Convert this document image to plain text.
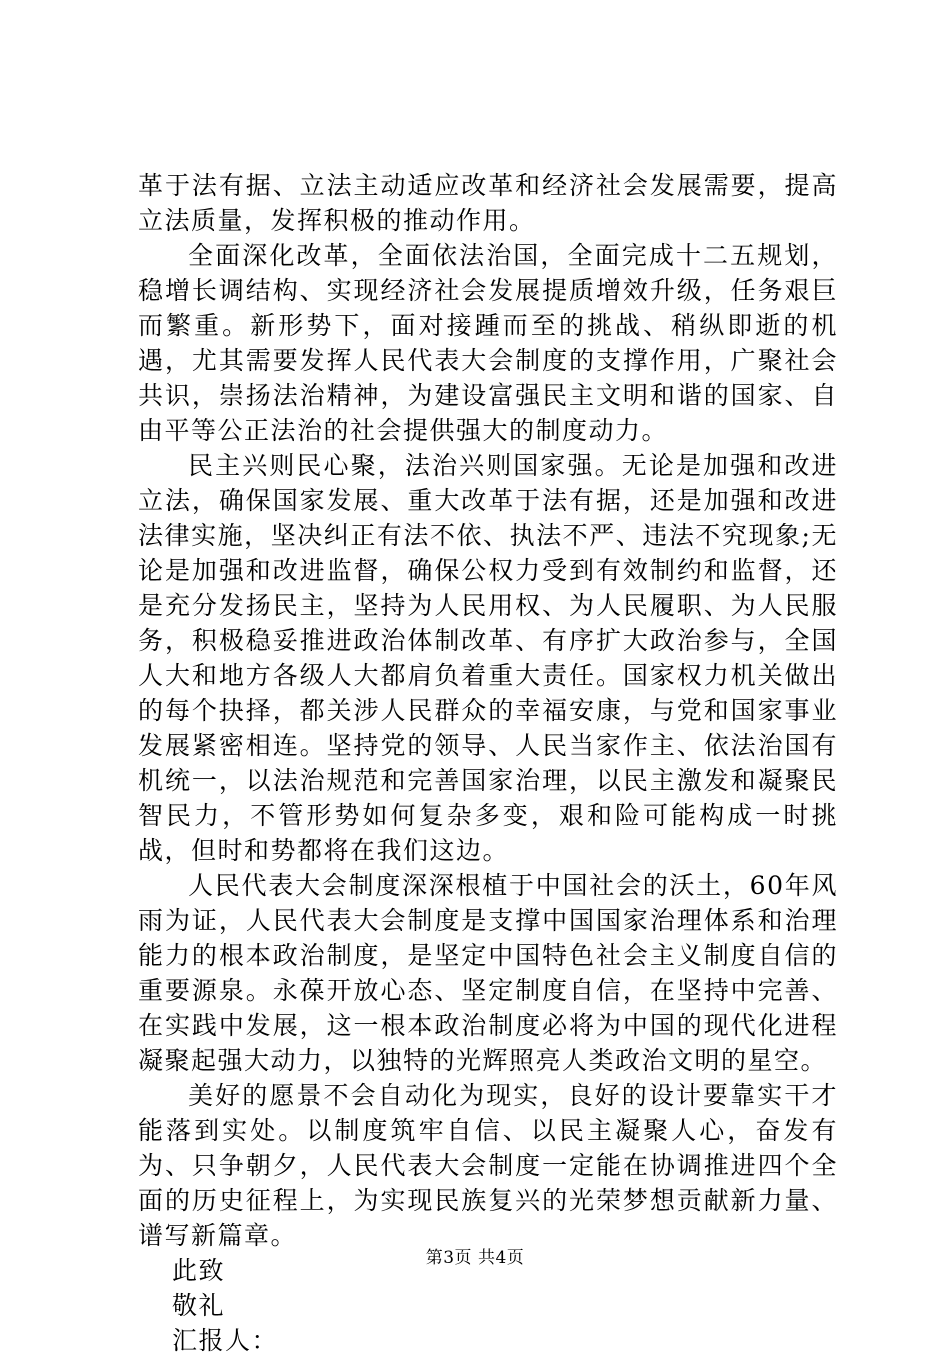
革于法有据、立法主动适应改革和经济社会发展需要，提高立法质量，发挥积极的推动作用。

全面深化改革，全面依法治国，全面完成十二五规划，稳增长调结构、实现经济社会发展提质增效升级，任务艰巨而繁重。新形势下，面对接踵而至的挑战、稍纵即逝的机遇，尤其需要发挥人民代表大会制度的支撑作用，广聚社会共识，崇扬法治精神，为建设富强民主文明和谐的国家、自由平等公正法治的社会提供强大的制度动力。

民主兴则民心聚，法治兴则国家强。无论是加强和改进立法，确保国家发展、重大改革于法有据，还是加强和改进法律实施，坚决纠正有法不依、执法不严、违法不究现象;无论是加强和改进监督，确保公权力受到有效制约和监督，还是充分发扬民主，坚持为人民用权、为人民履职、为人民服务，积极稳妥推进政治体制改革、有序扩大政治参与，全国人大和地方各级人大都肩负着重大责任。国家权力机关做出的每个抉择，都关涉人民群众的幸福安康，与党和国家事业发展紧密相连。坚持党的领导、人民当家作主、依法治国有机统一，以法治规范和完善国家治理，以民主激发和凝聚民智民力，不管形势如何复杂多变，艰和险可能构成一时挑战，但时和势都将在我们这边。

人民代表大会制度深深根植于中国社会的沃土，60年风雨为证，人民代表大会制度是支撑中国国家治理体系和治理能力的根本政治制度，是坚定中国特色社会主义制度自信的重要源泉。永葆开放心态、坚定制度自信，在坚持中完善、在实践中发展，这一根本政治制度必将为中国的现代化进程凝聚起强大动力，以独特的光辉照亮人类政治文明的星空。

美好的愿景不会自动化为现实，良好的设计要靠实干才能落到实处。以制度筑牢自信、以民主凝聚人心，奋发有为、只争朝夕，人民代表大会制度一定能在协调推进四个全面的历史征程上，为实现民族复兴的光荣梦想贡献新力量、谱写新篇章。

此致
敬礼
汇报人：
第3页 共4页
